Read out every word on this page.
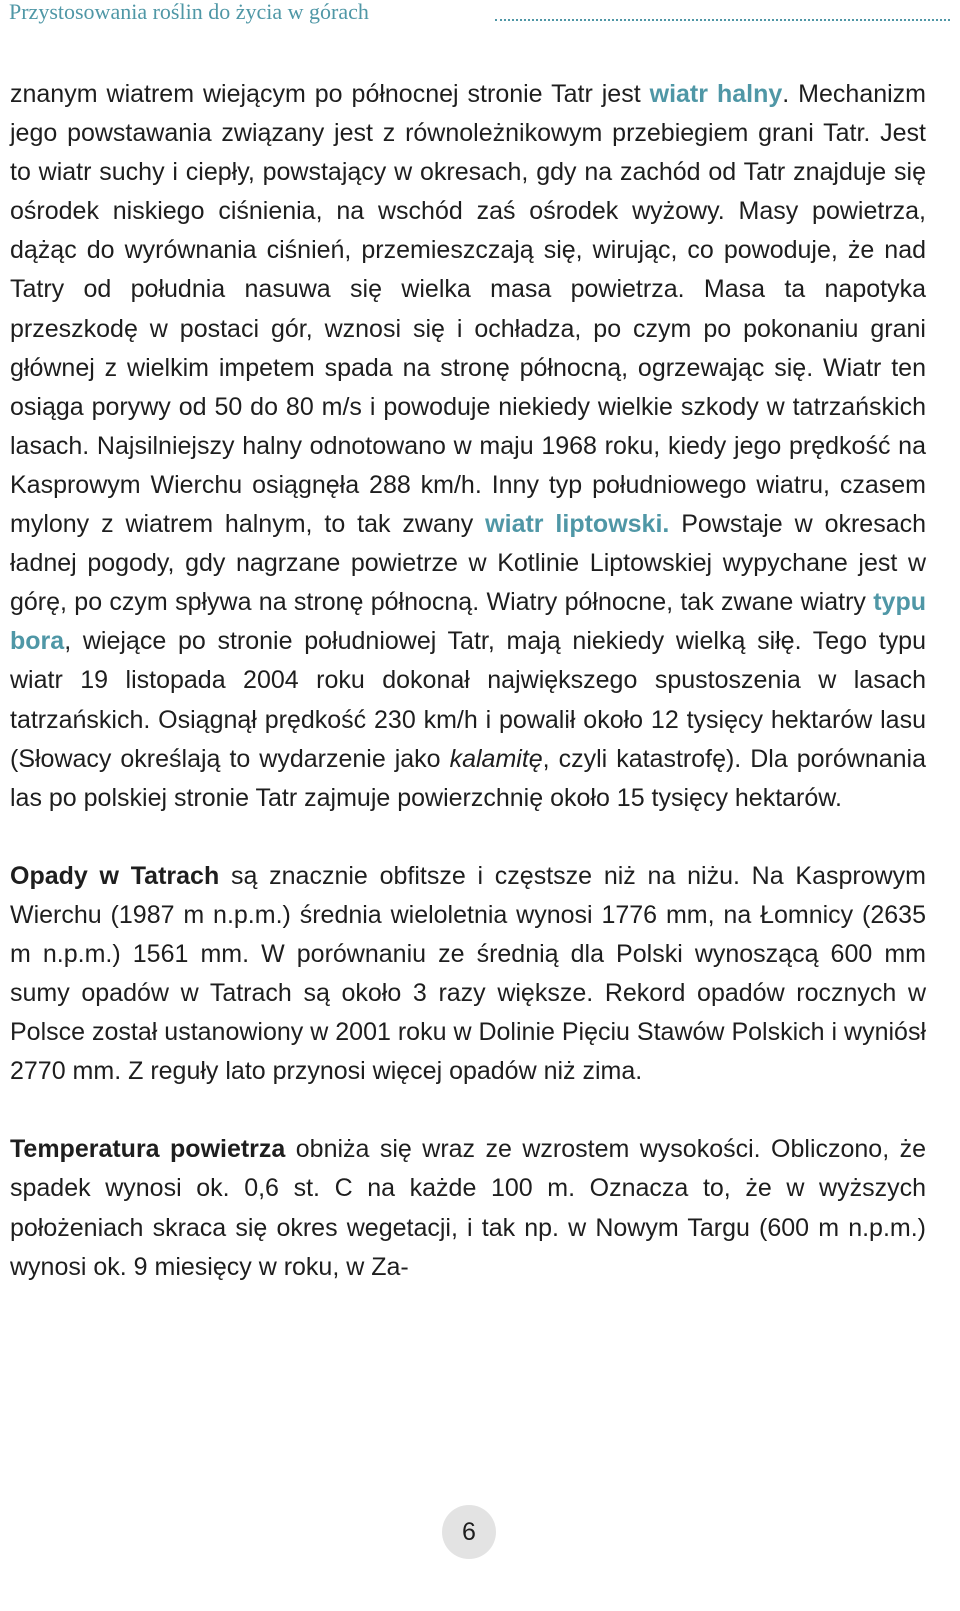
Przystosowania roślin do życia w górach

znanym wiatrem wiejącym po północnej stronie Tatr jest wiatr halny. Mechanizm jego powstawania związany jest z równoleżnikowym przebiegiem grani Tatr. Jest to wiatr suchy i ciepły, powstający w okresach, gdy na zachód od Tatr znajduje się ośrodek niskiego ciśnienia, na wschód zaś ośrodek wyżowy. Masy powietrza, dążąc do wyrównania ciśnień, przemieszczają się, wirując, co powoduje, że nad Tatry od południa nasuwa się wielka masa powietrza. Masa ta napotyka przeszkodę w postaci gór, wznosi się i ochładza, po czym po pokonaniu grani głównej z wielkim impetem spada na stronę północną, ogrzewając się. Wiatr ten osiąga porywy od 50 do 80 m/s i powoduje niekiedy wielkie szkody w tatrzańskich lasach. Najsilniejszy halny odnotowano w maju 1968 roku, kiedy jego prędkość na Kasprowym Wierchu osiągnęła 288 km/h. Inny typ południowego wiatru, czasem mylony z wiatrem halnym, to tak zwany wiatr liptowski. Powstaje w okresach ładnej pogody, gdy nagrzane powietrze w Kotlinie Liptowskiej wypychane jest w górę, po czym spływa na stronę północną. Wiatry północne, tak zwane wiatry typu bora, wiejące po stronie południowej Tatr, mają niekiedy wielką siłę. Tego typu wiatr 19 listopada 2004 roku dokonał największego spustoszenia w lasach tatrzańskich. Osiągnął prędkość 230 km/h i powalił około 12 tysięcy hektarów lasu (Słowacy określają to wydarzenie jako kalamitę, czyli katastrofę). Dla porównania las po polskiej stronie Tatr zajmuje powierzchnię około 15 tysięcy hektarów.

Opady w Tatrach są znacznie obfitsze i częstsze niż na niżu. Na Kasprowym Wierchu (1987 m n.p.m.) średnia wieloletnia wynosi 1776 mm, na Łomnicy (2635 m n.p.m.) 1561 mm. W porównaniu ze średnią dla Polski wynoszącą 600 mm sumy opadów w Tatrach są około 3 razy większe. Rekord opadów rocznych w Polsce został ustanowiony w 2001 roku w Dolinie Pięciu Stawów Polskich i wyniósł 2770 mm. Z reguły lato przynosi więcej opadów niż zima.

Temperatura powietrza obniża się wraz ze wzrostem wysokości. Obliczono, że spadek wynosi ok. 0,6 st. C na każde 100 m. Oznacza to, że w wyższych położeniach skraca się okres wegetacji, i tak np. w Nowym Targu (600 m n.p.m.) wynosi ok. 9 miesięcy w roku, w Za-

6
